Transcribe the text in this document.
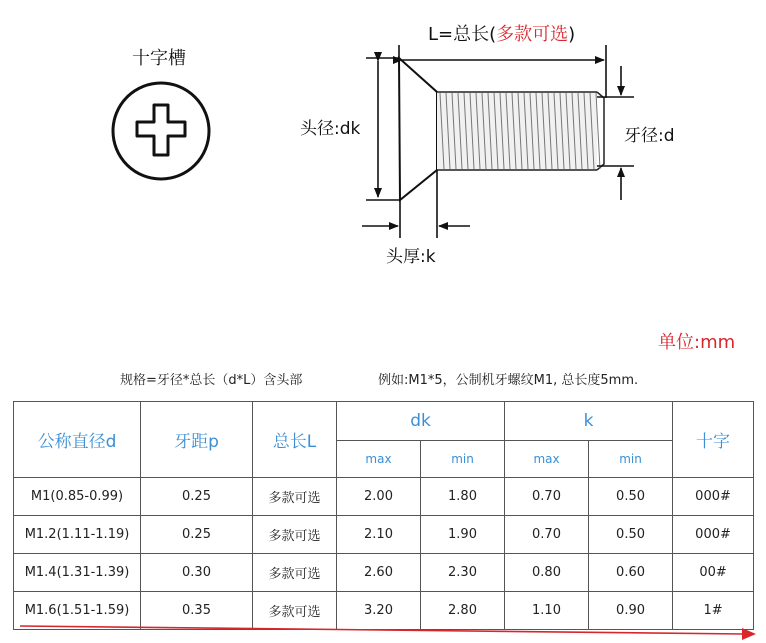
十字槽
L=总长(多款可选)
头径:dk	牙径:d
头厚:k
单位:mm
规格=牙径*总长（d*L）含头部	例如:M1*5，公制机牙螺纹M1, 总长度5mm.
公称直径d	牙距p	总长L	dk		k		十字
			max	min	max	min	
M1(0.85-0.99)	0.25	多款可选	2.00	1.80	0.70	0.50	000#
M1.2(1.11-1.19)	0.25	多款可选	2.10	1.90	0.70	0.50	000#
M1.4(1.31-1.39)	0.30	多款可选	2.60	2.30	0.80	0.60	00#
M1.6(1.51-1.59)	0.35	多款可选	3.20	2.80	1.10	0.90	1#
